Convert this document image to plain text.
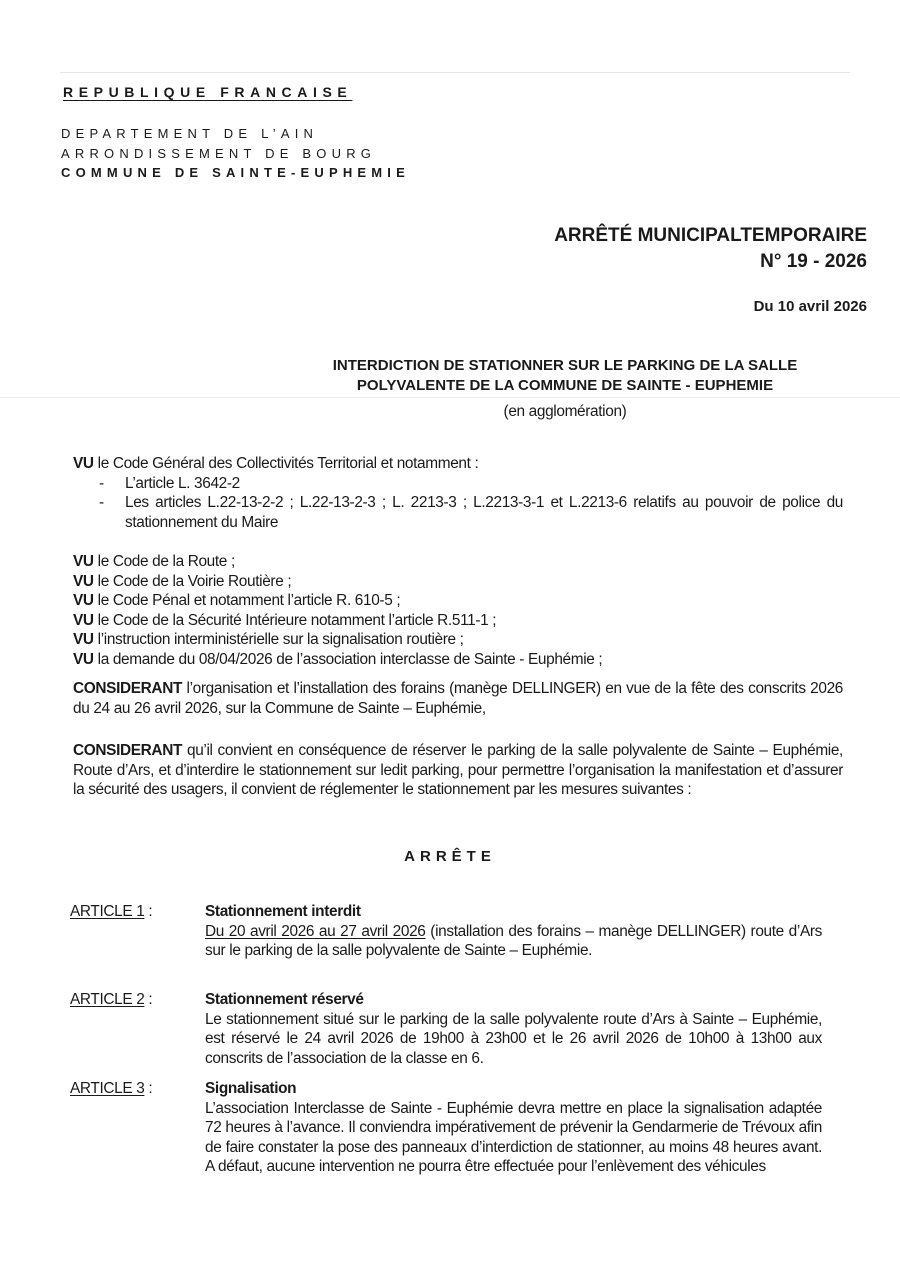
REPUBLIQUE FRANCAISE
DEPARTEMENT DE L’AIN
ARRONDISSEMENT DE BOURG
COMMUNE DE SAINTE-EUPHEMIE
ARRÊTÉ MUNICIPALTEMPORAIRE
N° 19 - 2026
Du 10 avril 2026
INTERDICTION DE STATIONNER SUR LE PARKING DE LA SALLE
POLYVALENTE DE LA COMMUNE DE SAINTE - EUPHEMIE
(en agglomération)
VU le Code Général des Collectivités Territorial et notamment :
- L’article L. 3642-2
- Les articles L.22-13-2-2 ; L.22-13-2-3 ; L. 2213-3 ; L.2213-3-1 et L.2213-6 relatifs au pouvoir de police du stationnement du Maire
VU le Code de la Route ;
VU le Code de la Voirie Routière ;
VU le Code Pénal et notamment l’article R. 610-5 ;
VU le Code de la Sécurité Intérieure notamment l’article R.511-1 ;
VU l’instruction interministérielle sur la signalisation routière ;
VU la demande du 08/04/2026 de l’association interclasse de Sainte - Euphémie ;
CONSIDERANT l’organisation et l’installation des forains (manège DELLINGER) en vue de la fête des conscrits 2026 du 24 au 26 avril 2026, sur la Commune de Sainte – Euphémie,
CONSIDERANT qu’il convient en conséquence de réserver le parking de la salle polyvalente de Sainte – Euphémie, Route d’Ars, et d’interdire le stationnement sur ledit parking, pour permettre l’organisation la manifestation et d’assurer la sécurité des usagers, il convient de réglementer le stationnement par les mesures suivantes :
ARRÊTE
ARTICLE 1 :	Stationnement interdit
Du 20 avril 2026 au 27 avril 2026 (installation des forains – manège DELLINGER) route d’Ars sur le parking de la salle polyvalente de Sainte – Euphémie.
ARTICLE 2 :	Stationnement réservé
Le stationnement situé sur le parking de la salle polyvalente route d’Ars à Sainte – Euphémie, est réservé le 24 avril 2026 de 19h00 à 23h00 et le 26 avril 2026 de 10h00 à 13h00 aux conscrits de l’association de la classe en 6.
ARTICLE 3 :	Signalisation
L’association Interclasse de Sainte - Euphémie devra mettre en place la signalisation adaptée 72 heures à l’avance. Il conviendra impérativement de prévenir la Gendarmerie de Trévoux afin de faire constater la pose des panneaux d’interdiction de stationner, au moins 48 heures avant. A défaut, aucune intervention ne pourra être effectuée pour l’enlèvement des véhicules
